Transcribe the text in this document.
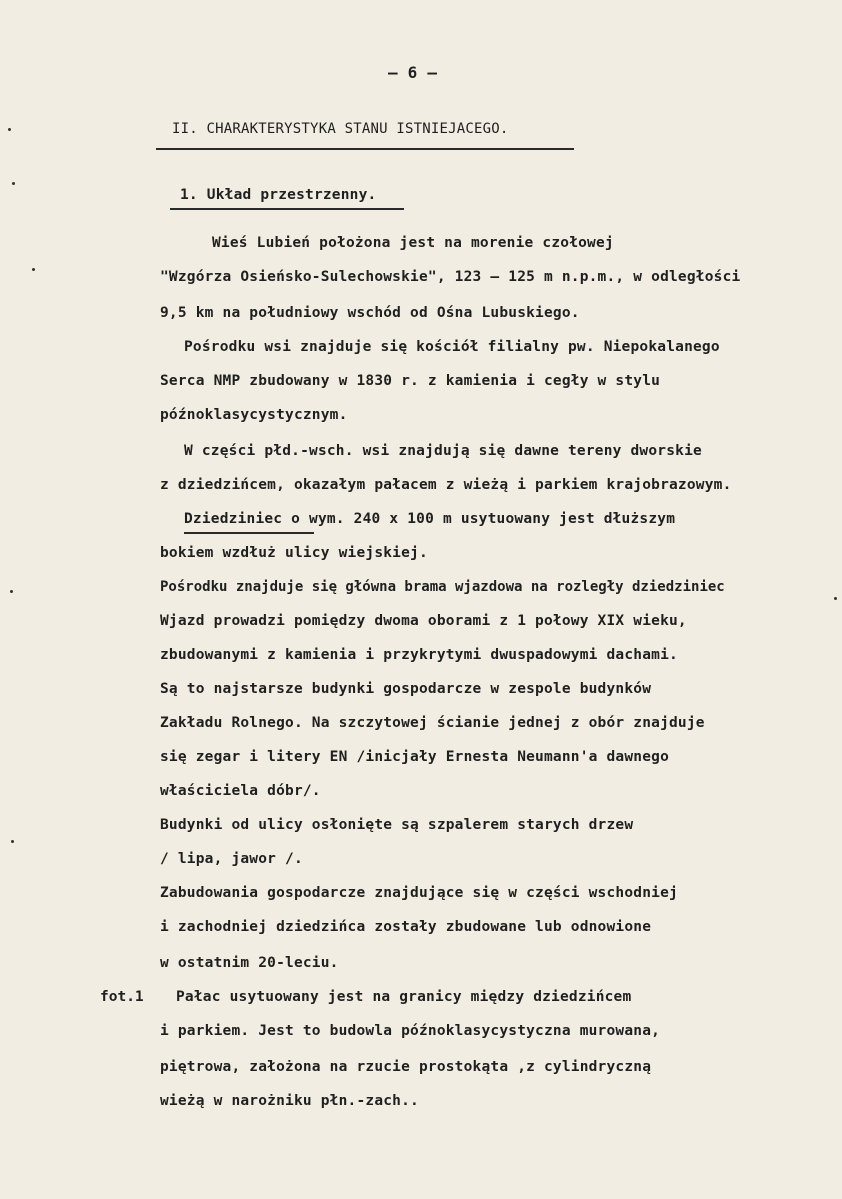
– 6 –
II. CHARAKTERYSTYKA STANU ISTNIEJACEGO.
1. Układ przestrzenny.
Wieś Lubień położona jest na morenie czołowej
"Wzgórza Osieńsko-Sulechowskie", 123 – 125 m n.p.m., w odległości
9,5 km na południowy wschód od Ośna Lubuskiego.
Pośrodku wsi znajduje się kościół filialny pw. Niepokalanego
Serca NMP zbudowany w 1830 r. z kamienia i cegły w stylu
późnoklasycystycznym.
W części płd.-wsch. wsi znajdują się dawne tereny dworskie
z dziedzińcem, okazałym pałacem z wieżą i parkiem krajobrazowym.
Dziedziniec o wym. 240 x 100 m usytuowany jest dłuższym
bokiem wzdłuż ulicy wiejskiej.
Pośrodku znajduje się główna brama wjazdowa na rozległy dziedziniec
Wjazd prowadzi pomiędzy dwoma oborami z 1 połowy XIX wieku,
zbudowanymi z kamienia i przykrytymi dwuspadowymi dachami.
Są to najstarsze budynki gospodarcze w zespole budynków
Zakładu Rolnego. Na szczytowej ścianie jednej z obór znajduje
się zegar i litery EN /inicjały Ernesta Neumann'a dawnego
właściciela dóbr/.
Budynki od ulicy osłonięte są szpalerem starych drzew
/ lipa, jawor /.
Zabudowania gospodarcze znajdujące się w części wschodniej
i zachodniej dziedzińca zostały zbudowane lub odnowione
w ostatnim 20-leciu.
fot.1 Pałac usytuowany jest na granicy między dziedzińcem
i parkiem. Jest to budowla późnoklasycystyczna murowana,
piętrowa, założona na rzucie prostokąta ,z cylindryczną
wieżą w narożniku płn.-zach..
